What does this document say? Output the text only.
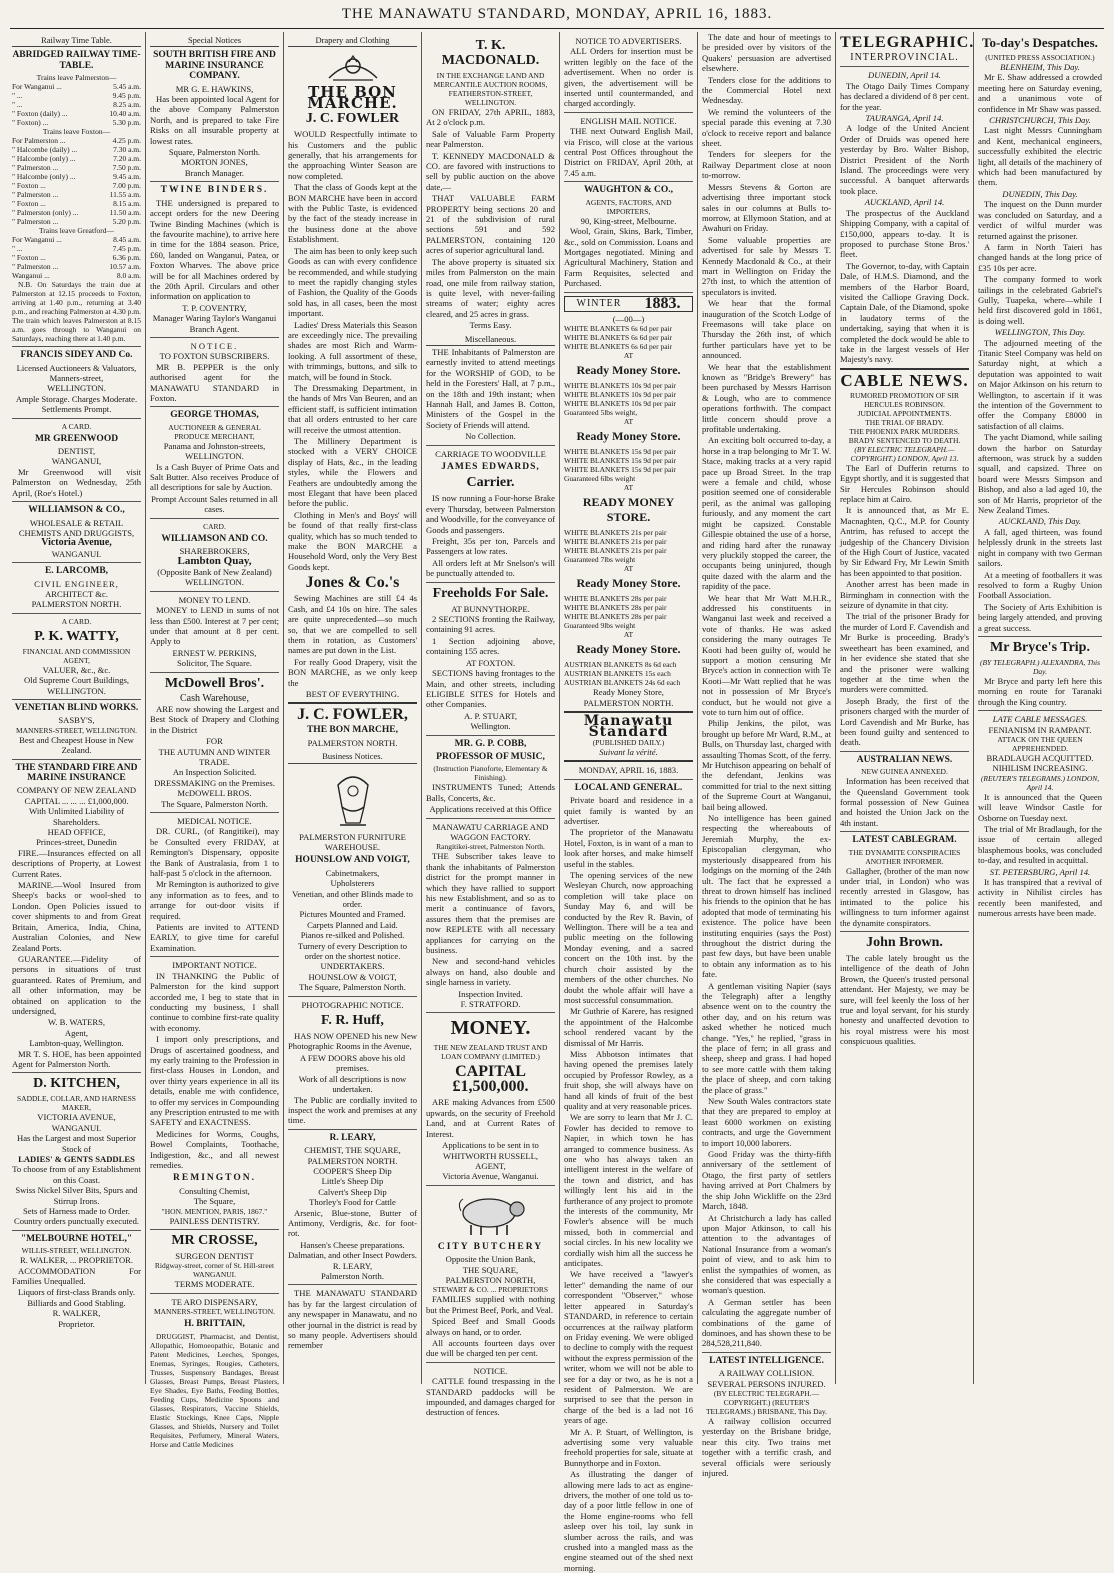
THE MANAWATU STANDARD, MONDAY, APRIL 16, 1883.
Railway Time Table.
ABRIDGED RAILWAY TIME-TABLE.
Trains leave Palmerston—
For Wanganui ...	5.45 a.m.
" ...	9.45 p.m.
" ...	8.25 a.m.
" Foxton (daily) ...	10.40 a.m.
" Foxton) ...	5.30 p.m.
Trains leave Foxton—
For Palmerston ...	4.25 p.m.
" Halcombe (daily) ...	7.30 a.m.
" Halcombe (only) ...	7.20 a.m.
" Palmerston ...	7.50 p.m.
" Halcombe (only) ...	9.45 a.m.
" Foxton ...	7.00 p.m.
" Palmerston ...	11.55 a.m.
" Foxton ...	8.15 a.m.
" Palmerston (only) ...	11.50 a.m.
" Palmerston ...	5.20 p.m.
Trains leave Greatford—
For Wanganui ...	8.45 a.m.
" ...	7.45 p.m.
" Foxton ...	6.36 p.m.
" Palmerston ...	10.57 a.m.
Wanganui ...	8.0 a.m.

N.B. On Saturdays the train due at Palmerston at 12.15 proceeds to Foxton, arriving at 1.40 p.m., returning at 3.40 p.m., and reaching Palmerston at 4.30 p.m. The train which leaves Palmerston at 8.15 a.m. goes through to Wanganui on Saturdays, reaching there at 1.40 p.m.

FRANCIS SIDEY AND Co.
Licensed Auctioneers & Valuators,
Manners-street,
WELLINGTON.
Ample Storage. Charges Moderate.
Settlements Prompt.
A CARD.
MR GREENWOOD
DENTIST,
WANGANUI,

Mr Greenwood will visit Palmerston on Wednesday, 25th April, (Roe's Hotel.)

WILLIAMSON & CO.,
WHOLESALE & RETAIL
CHEMISTS AND DRUGGISTS,
Victoria Avenue,
WANGANUI.
E. LARCOMB,
CIVIL ENGINEER,
ARCHITECT &c.
PALMERSTON NORTH.
A CARD.
P. K. WATTY,
FINANCIAL AND COMMISSION AGENT,
VALUER, &c., &c.
Old Supreme Court Buildings,
WELLINGTON.
VENETIAN BLIND WORKS.
SASBY'S,
MANNERS-STREET, WELLINGTON.
Best and Cheapest House in New Zealand.
THE STANDARD FIRE AND MARINE INSURANCE
COMPANY OF NEW ZEALAND
CAPITAL ... ... ... £1,000,000.
With Unlimited Liability of Shareholders.
HEAD OFFICE,
Princes-street, Dunedin

FIRE.—Insurances effected on all descriptions of Property, at Lowest Current Rates.

MARINE.—Wool Insured from Sheep's backs or wool-shed to London. Open Policies issued to cover shipments to and from Great Britain, America, India, China, Australian Colonies, and New Zealand Ports.

GUARANTEE.—Fidelity of persons in situations of trust guaranteed. Rates of Premium, and all other information, may be obtained on application to the undersigned,

W. B. WATERS,
Agent,
Lambton-quay, Wellington.

MR T. S. HOE, has been appointed Agent for Palmerston North.

D. KITCHEN,
SADDLE, COLLAR, AND HARNESS MAKER,
VICTORIA AVENUE, WANGANUI.
Has the Largest and most Superior Stock of
LADIES' & GENTS SADDLES
To choose from of any Establishment on this Coast.
Swiss Nickel Silver Bits, Spurs and Stirrup Irons.
Sets of Harness made to Order.
Country orders punctually executed.
"MELBOURNE HOTEL,"
WILLIS-STREET, WELLINGTON.
R. WALKER, ... PROPRIETOR.

ACCOMMODATION For Families Unequalled.

Liquors of first-class Brands only.
Billiards and Good Stabling.
R. WALKER,
Proprietor.
Special Notices
SOUTH BRITISH FIRE AND MARINE INSURANCE COMPANY.
MR G. E. HAWKINS,

Has been appointed local Agent for the above Company Palmerston North, and is prepared to take Fire Risks on all insurable property at lowest rates.

Square, Palmerston North.
MORTON JONES,
Branch Manager.
TWINE BINDERS.

THE undersigned is prepared to accept orders for the new Deering Twine Binding Machines (which is the favourite machine), to arrive here in time for the 1884 season. Price, £60, landed on Wanganui, Patea, or Foxton Wharves. The above price will be for all Machines ordered by the 20th April. Circulars and other information on application to

T. P. COVENTRY,
Manager Waring Taylor's Wanganui Branch Agent.
NOTICE.
TO FOXTON SUBSCRIBERS.

MR B. PEPPER is the only authorised agent for the MANAWATU STANDARD in Foxton.

GEORGE THOMAS,
AUCTIONEER & GENERAL PRODUCE MERCHANT,
Panama and Johnston-streets,
WELLINGTON.

Is a Cash Buyer of Prime Oats and Salt Butter. Also receives Produce of all descriptions for sale by Auction.

Prompt Account Sales returned in all cases.
CARD.
WILLIAMSON AND CO.
SHAREBROKERS,
Lambton Quay,
(Opposite Bank of New Zealand)
WELLINGTON.
MONEY TO LEND.

MONEY to LEND in sums of not less than £500. Interest at 7 per cent; under that amount at 8 per cent. Apply to

ERNEST W. PERKINS,
Solicitor, The Square.
McDowell Bros'.
Cash Warehouse,

ARE now showing the Largest and Best Stock of Drapery and Clothing in the District

FOR
THE AUTUMN AND WINTER TRADE.
An Inspection Solicited.
DRESSMAKING on the Premises.
McDOWELL BROS.
The Square, Palmerston North.
MEDICAL NOTICE.

DR. CURL, (of Rangitikei), may be Consulted every FRIDAY, at Remington's Dispensary, opposite the Bank of Australasia, from 1 to half-past 5 o'clock in the afternoon.

Mr Remington is authorized to give any information as to fees, and to arrange for out-door visits if required.

Patients are invited to ATTEND EARLY, to give time for careful Examination.

IMPORTANT NOTICE.

IN THANKING the Public of Palmerston for the kind support accorded me, I beg to state that in conducting my business, I shall continue to combine first-rate quality with economy.

I import only prescriptions, and Drugs of ascertained goodness, and my early training to the Profession in first-class Houses in London, and over thirty years experience in all its details, enable me with confidence, to offer my services in Compounding any Prescription entrusted to me with SAFETY and EXACTNESS.

Medicines for Worms, Coughs, Bowel Complaints, Toothache, Indigestion, &c., and all newest remedies.

REMINGTON.
Consulting Chemist,
The Square,
"HON. MENTION, PARIS, 1867."
PAINLESS DENTISTRY.
MR CROSSE,
SURGEON DENTIST
Ridgway-street, corner of St. Hill-street WANGANUI.
TERMS MODERATE.
TE ARO DISPENSARY,
MANNERS-STREET, WELLINGTON.
H. BRITTAIN,

DRUGGIST, Pharmacist, and Dentist, Allopathic, Homoeopathic, Botanic and Patent Medicines, Leeches, Sponges, Enemas, Syringes, Rougies, Catheters, Trusses, Suspensory Bandages, Breast Glasses, Breast Pumps, Breast Plasters, Eye Shades, Eye Baths, Feeding Bottles, Feeding Cups, Medicine Spoons and Glasses, Respirators, Vaccine Shields, Elastic Stockings, Knee Caps, Nipple Glasses, and Shields, Nursery and Toilet Requisites, Perfumery, Mineral Waters, Horse and Cattle Medicines

Drapery and Clothing
THE BON MARCHE.
J. C. FOWLER

WOULD Respectfully intimate to his Customers and the public generally, that his arrangements for the approaching Winter Season are now completed.

That the class of Goods kept at the BON MARCHE have been in accord with the Public Taste, is evidenced by the fact of the steady increase in the business done at the above Establishment.

The aim has been to only keep such Goods as can with every confidence be recommended, and while studying to meet the rapidly changing styles of Fashion, the Quality of the Goods sold has, in all cases, been the most important.

Ladies' Dress Materials this Season are exceedingly nice. The prevailing shades are most Rich and Warm-looking. A full assortment of these, with trimmings, buttons, and silk to match, will be found in Stock.

The Dressmaking Department, in the hands of Mrs Van Beuren, and an efficient staff, is sufficient intimation that all orders entrusted to her care will receive the utmost attention.

The Millinery Department is stocked with a VERY CHOICE display of Hats, &c., in the leading styles, while the Flowers and Feathers are undoubtedly among the most Elegant that have been placed before the public.

Clothing in Men's and Boys' will be found of that really first-class quality, which has so much tended to make the BON MARCHE a Household Word, only the Very Best Goods kept.

Jones & Co.'s

Sewing Machines are still £4 4s Cash, and £4 10s on hire. The sales are quite unprecedented—so much so, that we are compelled to sell them in rotation, as Customers' names are put down in the List.

For really Good Drapery, visit the BON MARCHE, as we only keep the

BEST OF EVERYTHING.
J. C. FOWLER,
THE BON MARCHE,
PALMERSTON NORTH.
Business Notices.
PALMERSTON FURNITURE WAREHOUSE.
HOUNSLOW AND VOIGT,
Cabinetmakers,
Upholsterers
Venetian, and other Blinds made to order.
Pictures Mounted and Framed.
Carpets Planned and Laid.
Pianos re-silked and Polished.
Turnery of every Description to order on the shortest notice.
UNDERTAKERS.
HOUNSLOW & VOIGT,
The Square, Palmerston North.
PHOTOGRAPHIC NOTICE.
F. R. Huff,

HAS NOW OPENED his new New Photographic Rooms in the Avenue,

A FEW DOORS above his old premises.
Work of all descriptions is now undertaken.

The Public are cordially invited to inspect the work and premises at any time.

R. LEARY,
CHEMIST, THE SQUARE, PALMERSTON NORTH.
COOPER'S Sheep Dip
Little's Sheep Dip
Calvert's Sheep Dip
Thorley's Food for Cattle

Arsenic, Blue-stone, Butter of Antimony, Verdigris, &c. for foot-rot.

Hansen's Cheese preparations.
Dalmatian, and other Insect Powders.
R. LEARY,
Palmerston North.

THE MANAWATU STANDARD has by far the largest circulation of any newspaper in Manawatu, and no other journal in the district is read by so many people. Advertisers should remember

T. K. MACDONALD.
IN THE EXCHANGE LAND AND MERCANTILE AUCTION ROOMS,
FEATHERSTON-STREET, WELLINGTON.

ON FRIDAY, 27th APRIL, 1883, At 2 o'clock p.m.

Sale of Valuable Farm Property near Palmerston.

T. KENNEDY MACDONALD & CO. are favored with instructions to sell by public auction on the above date,—

THAT VALUABLE FARM PROPERTY being sections 20 and 21 of the subdivision of rural sections 591 and 592 PALMERSTON, containing 120 acres of superior agricultural land.

The above property is situated six miles from Palmerston on the main road, one mile from railway station, is quite level, with never-failing streams of water; eighty acres cleared, and 25 acres in grass.

Terms Easy.
Miscellaneous.

THE Inhabitants of Palmerston are earnestly invited to attend meetings for the WORSHIP of GOD, to be held in the Foresters' Hall, at 7 p.m., on the 18th and 19th instant; when Hannah Hall, and James B. Cotton, Ministers of the Gospel in the Society of Friends will attend.

No Collection.
CARRIAGE TO WOODVILLE
JAMES EDWARDS,
Carrier.

IS now running a Four-horse Brake every Thursday, between Palmerston and Woodville, for the conveyance of Goods and passengers.

Freight, 35s per ton, Parcels and Passengers at low rates.

All orders left at Mr Snelson's will be punctually attended to.

Freeholds For Sale.
AT BUNNYTHORPE.

2 SECTIONS fronting the Railway, containing 91 acres.

1 Section adjoining above, containing 155 acres.

AT FOXTON.

SECTIONS having frontages to the Main, and other streets, including ELIGIBLE SITES for Hotels and other Companies.

A. P. STUART,
Wellington.
MR. G. P. COBB,
PROFESSOR OF MUSIC,
(Instruction Pianoforte, Elementary & Finishing).

INSTRUMENTS Tuned; Attends Balls, Concerts, &c.

Applications received at this Office
MANAWATU CARRIAGE AND WAGGON FACTORY.
Rangitikei-street, Palmerston North.

THE Subscriber takes leave to thank the inhabitants of Palmerston district for the prompt manner in which they have rallied to support his new Establishment, and so as to merit a continuance of favors, assures them that the premises are now REPLETE with all necessary appliances for carrying on the business.

New and second-hand vehicles always on hand, also double and single harness in variety.

Inspection Invited.
F. STRATFORD.
MONEY.
THE NEW ZEALAND TRUST AND LOAN COMPANY (LIMITED.)
CAPITAL £1,500,000.

ARE making Advances from £500 upwards, on the security of Freehold Land, and at Current Rates of Interest.

Applications to be sent in to
WHITWORTH RUSSELL,
AGENT,
Victoria Avenue, Wanganui.
CITY BUTCHERY
Opposite the Union Bank,
THE SQUARE,
PALMERSTON NORTH,
STEWART & CO. ... PROPRIETORS

FAMILIES supplied with nothing but the Primest Beef, Pork, and Veal.

Spiced Beef and Small Goods always on hand, or to order.

All accounts fourteen days over due will be charged ten per cent.

NOTICE.

CATTLE found trespassing in the STANDARD paddocks will be impounded, and damages charged for destruction of fences.

NOTICE TO ADVERTISERS.

ALL Orders for insertion must be written legibly on the face of the advertisement. When no order is given, the advertisement will be inserted until countermanded, and charged accordingly.

ENGLISH MAIL NOTICE.

THE next Outward English Mail, via Frisco, will close at the various central Post Offices throughout the District on FRIDAY, April 20th, at 7.45 a.m.

WAUGHTON & CO.,
AGENTS, FACTORS, AND IMPORTERS,
90, King-street, Melbourne.

Wool, Grain, Skins, Bark, Timber, &c., sold on Commission. Loans and Mortgages negotiated. Mining and Agricultural Machinery, Station and Farm Requisites, selected and Purchased.

WINTER 1883.
(—00—)
WHITE BLANKETS 6s 6d per pair
WHITE BLANKETS 6s 6d per pair
WHITE BLANKETS 6s 6d per pair
AT
Ready Money Store.
WHITE BLANKETS 10s 9d per pair
WHITE BLANKETS 10s 9d per pair
WHITE BLANKETS 10s 9d per pair
Guaranteed 5lbs weight,
AT
Ready Money Store.
WHITE BLANKETS 15s 9d per pair
WHITE BLANKETS 15s 9d per pair
WHITE BLANKETS 15s 9d per pair
Guaranteed 6lbs weight
AT
READY MONEY STORE.
WHITE BLANKETS 21s per pair
WHITE BLANKETS 21s per pair
WHITE BLANKETS 21s per pair
Guaranteed 7lbs weight
AT
Ready Money Store.
WHITE BLANKETS 28s per pair
WHITE BLANKETS 28s per pair
WHITE BLANKETS 28s per pair
Guaranteed 9lbs weight
AT
Ready Money Store.
AUSTRIAN BLANKETS 8s 6d each
AUSTRIAN BLANKETS 15s each
AUSTRIAN BLANKETS 24s 6d each
Ready Money Store,
PALMERSTON NORTH.
Manawatu Standard
(PUBLISHED DAILY.)
Suivant la vérité.
MONDAY, APRIL 16, 1883.
LOCAL AND GENERAL.

Private board and residence in a quiet family is wanted by an advertiser.

The proprietor of the Manawatu Hotel, Foxton, is in want of a man to look after horses, and make himself useful in the stables.

The opening services of the new Wesleyan Church, now approaching completion will take place on Sunday May 6, and will be conducted by the Rev R. Bavin, of Wellington. There will be a tea and public meeting on the following Monday evening, and a sacred concert on the 10th inst. by the church choir assisted by the members of the other churches. No doubt the whole affair will have a most successful consummation.

Mr Guthrie of Karere, has resigned the appointment of the Halcombe school rendered vacant by the dismissal of Mr Harris.

Miss Abbotson intimates that having opened the premises lately occupied by Professor Rowley, as a fruit shop, she will always have on hand all kinds of fruit of the best quality and at very reasonable prices.

We are sorry to learn that Mr J. C. Fowler has decided to remove to Napier, in which town he has arranged to commence business. As one who has always taken an intelligent interest in the welfare of the town and district, and has willingly lent his aid in the furtherance of any project to promote the interests of the community, Mr Fowler's absence will be much missed, both in commercial and social circles. In his new locality we cordially wish him all the success he anticipates.

We have received a "lawyer's letter" demanding the name of our correspondent "Observer," whose letter appeared in Saturday's STANDARD, in reference to certain occurrences at the railway platform on Friday evening. We were obliged to decline to comply with the request without the express permission of the writer, whom we will not be able to see for a day or two, as he is not a resident of Palmerston. We are surprised to see that the person in charge of the bed is a lad not 16 years of age.

Mr A. P. Stuart, of Wellington, is advertising some very valuable freehold properties for sale, situate at Bunnythorpe and in Foxton.

As illustrating the danger of allowing mere lads to act as engine-drivers, the mother of one told us to-day of a poor little fellow in one of the Home engine-rooms who fell asleep over his toil, lay sunk in slumber across the rails, and was crushed into a mangled mass as the engine steamed out of the shed next morning.

The date and hour of meetings to be presided over by visitors of the Quakers' persuasion are advertised elsewhere.

Tenders close for the additions to the Commercial Hotel next Wednesday.

We remind the volunteers of the special parade this evening at 7.30 o'clock to receive report and balance sheet.

Tenders for sleepers for the Railway Department close at noon to-morrow.

Messrs Stevens & Gorton are advertising three important stock sales in our columns at Bulls to-morrow, at Ellymoon Station, and at Awahuri on Friday.

Some valuable properties are advertised for sale by Messrs T. Kennedy Macdonald & Co., at their mart in Wellington on Friday the 27th inst, to which the attention of speculators is invited.

We hear that the formal inauguration of the Scotch Lodge of Freemasons will take place on Thursday the 26th inst, of which further particulars have yet to be announced.

We hear that the establishment known as "Bridge's Brewery" has been purchased by Messrs Harrison & Lough, who are to commence operations forthwith. The compact little concern should prove a profitable undertaking.

An exciting bolt occurred to-day, a horse in a trap belonging to Mr T. W. Stace, making tracks at a very rapid pace up Broad Street. In the trap were a female and child, whose position seemed one of considerable peril, as the animal was galloping furiously, and any moment the cart might be capsized. Constable Gillespie obtained the use of a horse, and riding hard after the runaway very pluckily stopped the career, the occupants being uninjured, though quite dazed with the alarm and the rapidity of the pace.

We hear that Mr Watt M.H.R., addressed his constituents in Wanganui last week and received a vote of thanks. He was asked considering the many outrages Te Kooti had been guilty of, would he support a motion censuring Mr Bryce's action in connection with Te Kooti—Mr Watt replied that he was not in possession of Mr Bryce's conduct, but he would not give a vote to turn him out of office.

Philip Jenkins, the pilot, was brought up before Mr Ward, R.M., at Bulls, on Thursday last, charged with assaulting Thomas Scott, of the ferry. Mr Hutchison appearing on behalf of the defendant, Jenkins was committed for trial to the next sitting of the Supreme Court at Wanganui, bail being allowed.

No intelligence has been gained respecting the whereabouts of Jeremiah Murphy, the ex-Episcopalian clergyman, who mysteriously disappeared from his lodgings on the morning of the 24th ult. The fact that he expressed a threat to drown himself has inclined his friends to the opinion that he has adopted that mode of terminating his existence. The police have been instituting enquiries (says the Post) throughout the district during the past few days, but have been unable to obtain any information as to his fate.

A gentleman visiting Napier (says the Telegraph) after a lengthy absence went on to the country the other day, and on his return was asked whether he noticed much change. "Yes," he replied, "grass in the place of fern; in all grass and sheep, sheep and grass. I had hoped to see more cattle with them taking the place of sheep, and corn taking the place of grass."

New South Wales contractors state that they are prepared to employ at least 6000 workmen on existing contracts, and urge the Government to import 10,000 laborers.

Good Friday was the thirty-fifth anniversary of the settlement of Otago, the first party of settlers having arrived at Port Chalmers by the ship John Wickliffe on the 23rd March, 1848.

At Christchurch a lady has called upon Major Atkinson, to call his attention to the advantages of National Insurance from a woman's point of view, and to ask him to enlist the sympathies of women, as she considered that was especially a woman's question.

A German settler has been calculating the aggregate number of combinations of the game of dominoes, and has shown these to be 284,528,211,840.

LATEST INTELLIGENCE.
A RAILWAY COLLISION.
SEVERAL PERSONS INJURED.
(BY ELECTRIC TELEGRAPH.—COPYRIGHT.) (REUTER'S TELEGRAMS.) BRISBANE, This Day.

A railway collision occurred yesterday on the Brisbane bridge, near this city. Two trains met together with a terrific crash, and several officials were seriously injured.

TELEGRAPHIC.
INTERPROVINCIAL.
DUNEDIN, April 14.

The Otago Daily Times Company has declared a dividend of 8 per cent. for the year.

TAURANGA, April 14.

A lodge of the United Ancient Order of Druids was opened here yesterday by Bro. Walter Bishop, District President of the North Island. The proceedings were very successful. A banquet afterwards took place.

AUCKLAND, April 14.

The prospectus of the Auckland Shipping Company, with a capital of £150,000, appears to-day. It is proposed to purchase Stone Bros.' fleet.

The Governor, to-day, with Captain Dale, of H.M.S. Diamond, and the members of the Harbor Board, visited the Calliope Graving Dock. Captain Dale, of the Diamond, spoke in laudatory terms of the undertaking, saying that when it is completed the dock would be able to take in the largest vessels of Her Majesty's navy.

CABLE NEWS.
RUMORED PROMOTION OF SIR HERCULES ROBINSON.
JUDICIAL APPOINTMENTS.
THE TRIAL OF BRADY.
THE PHOENIX PARK MURDERS.
BRADY SENTENCED TO DEATH.
(BY ELECTRIC TELEGRAPH.—COPYRIGHT.) LONDON, April 13.

The Earl of Dufferin returns to Egypt shortly, and it is suggested that Sir Hercules Robinson should replace him at Cairo.

It is announced that, as Mr E. Macnaghten, Q.C., M.P. for County Antrim, has refused to accept the judgeship of the Chancery Division of the High Court of Justice, vacated by Sir Edward Fry, Mr Lewin Smith has been appointed to that position.

Another arrest has been made in Birmingham in connection with the seizure of dynamite in that city.

The trial of the prisoner Brady for the murder of Lord F. Cavendish and Mr Burke is proceeding. Brady's sweetheart has been examined, and in her evidence she stated that she and the prisoner were walking together at the time when the murders were committed.

Joseph Brady, the first of the prisoners charged with the murder of Lord Cavendish and Mr Burke, has been found guilty and sentenced to death.

AUSTRALIAN NEWS.
NEW GUINEA ANNEXED.

Information has been received that the Queensland Government took formal possession of New Guinea and hoisted the Union Jack on the 4th instant.

LATEST CABLEGRAM.
THE DYNAMITE CONSPIRACIES
ANOTHER INFORMER.

Gallagher, (brother of the man now under trial, in London) who was recently arrested in Glasgow, has intimated to the police his willingness to turn informer against the dynamite conspirators.

John Brown.

The cable lately brought us the intelligence of the death of John Brown, the Queen's trusted personal attendant. Her Majesty, we may be sure, will feel keenly the loss of her true and loyal servant, for his sturdy honesty and unaffected devotion to his royal mistress were his most conspicuous qualities.

To-day's Despatches.
(UNITED PRESS ASSOCIATION.)
BLENHEIM, This Day.

Mr E. Shaw addressed a crowded meeting here on Saturday evening, and a unanimous vote of confidence in Mr Shaw was passed.

CHRISTCHURCH, This Day.

Last night Messrs Cunningham and Kent, mechanical engineers, successfully exhibited the electric light, all details of the machinery of which had been manufactured by them.

DUNEDIN, This Day.

The inquest on the Dunn murder was concluded on Saturday, and a verdict of wilful murder was returned against the prisoner.

A farm in North Taieri has changed hands at the long price of £35 10s per acre.

The company formed to work tailings in the celebrated Gabriel's Gully, Tuapeka, where—while I held first discovered gold in 1861, is doing well.

WELLINGTON, This Day.

The adjourned meeting of the Titanic Steel Company was held on Saturday night, at which a deputation was appointed to wait on Major Atkinson on his return to Wellington, to ascertain if it was the intention of the Government to offer the Company £8000 in satisfaction of all claims.

The yacht Diamond, while sailing down the harbor on Saturday afternoon, was struck by a sudden squall, and capsized. Three on board were Messrs Simpson and Bishop, and also a lad aged 10, the son of Mr Harris, proprietor of the New Zealand Times.

AUCKLAND, This Day.

A fall, aged thirteen, was found helplessly drunk in the streets last night in company with two German sailors.

At a meeting of footballers it was resolved to form a Rugby Union Football Association.

The Society of Arts Exhibition is being largely attended, and proving a great success.

Mr Bryce's Trip.
(BY TELEGRAPH.) ALEXANDRA, This Day.

Mr Bryce and party left here this morning en route for Taranaki through the King country.

LATE CABLE MESSAGES.
FENIANISM IN RAMPANT.
ATTACK ON THE QUEEN APPREHENDED.
BRADLAUGH ACQUITTED.
NIHILISM INCREASING.
(REUTER'S TELEGRAMS.) LONDON, April 14.

It is announced that the Queen will leave Windsor Castle for Osborne on Tuesday next.

The trial of Mr Bradlaugh, for the issue of certain alleged blasphemous books, was concluded to-day, and resulted in acquittal.

ST. PETERSBURG, April 14.

It has transpired that a revival of activity in Nihilist circles has recently been manifested, and numerous arrests have been made.
